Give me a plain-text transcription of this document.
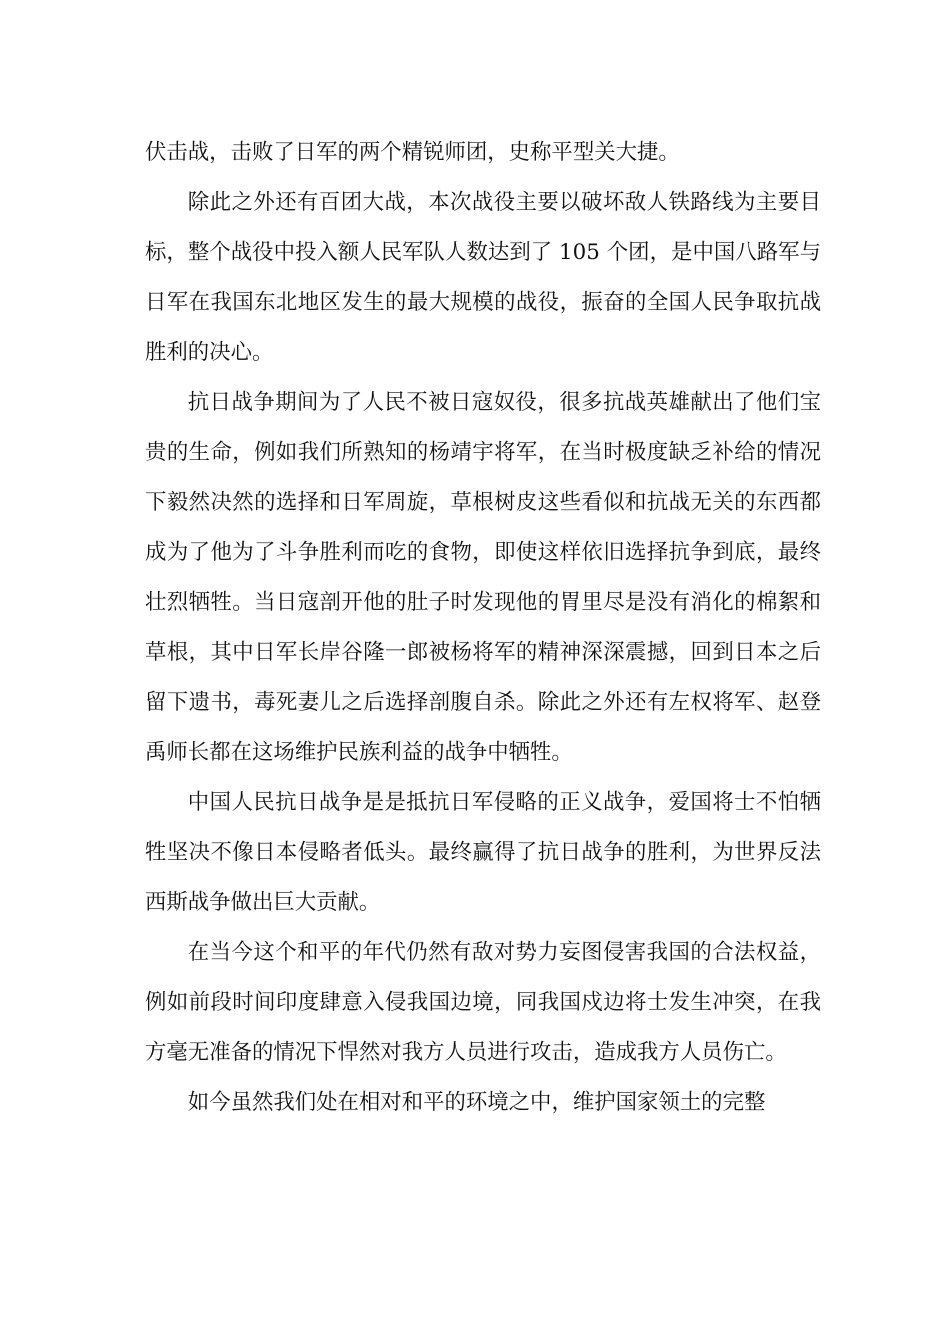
伏击战，击败了日军的两个精锐师团，史称平型关大捷。

除此之外还有百团大战，本次战役主要以破坏敌人铁路线为主要目标，整个战役中投入额人民军队人数达到了 105 个团，是中国八路军与日军在我国东北地区发生的最大规模的战役，振奋的全国人民争取抗战胜利的决心。

抗日战争期间为了人民不被日寇奴役，很多抗战英雄献出了他们宝贵的生命，例如我们所熟知的杨靖宇将军，在当时极度缺乏补给的情况下毅然决然的选择和日军周旋，草根树皮这些看似和抗战无关的东西都成为了他为了斗争胜利而吃的食物，即使这样依旧选择抗争到底，最终壮烈牺牲。当日寇剖开他的肚子时发现他的胃里尽是没有消化的棉絮和草根，其中日军长岸谷隆一郎被杨将军的精神深深震撼，回到日本之后留下遗书，毒死妻儿之后选择剖腹自杀。除此之外还有左权将军、赵登禹师长都在这场维护民族利益的战争中牺牲。

中国人民抗日战争是是抵抗日军侵略的正义战争，爱国将士不怕牺牲坚决不像日本侵略者低头。最终赢得了抗日战争的胜利，为世界反法西斯战争做出巨大贡献。

在当今这个和平的年代仍然有敌对势力妄图侵害我国的合法权益，例如前段时间印度肆意入侵我国边境，同我国戍边将士发生冲突，在我方毫无准备的情况下悍然对我方人员进行攻击，造成我方人员伤亡。

如今虽然我们处在相对和平的环境之中，维护国家领土的完整
